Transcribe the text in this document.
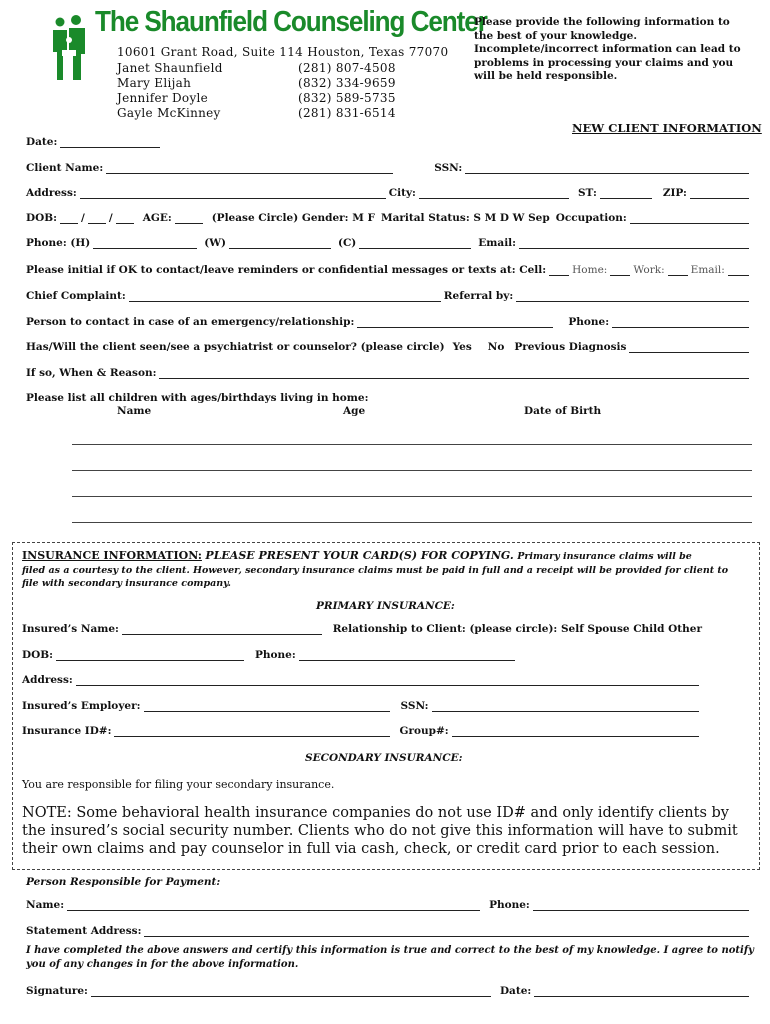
The Shaunfield Counseling Center
10601 Grant Road, Suite 114 Houston, Texas 77070
Janet Shaunfield	(281) 807-4508
Mary Elijah	(832) 334-9659
Jennifer Doyle	(832) 589-5735
Gayle McKinney	(281) 831-6514
Please provide the following information to
the best of your knowledge.
Incomplete/incorrect information can lead to
problems in processing your claims and you
will be held responsible.
NEW CLIENT INFORMATION
Date:
Client Name:	SSN:
Address:	City:	ST:	ZIP:
DOB: / /	AGE:	(Please Circle) Gender: M F Marital Status: S M D W Sep Occupation:
Phone: (H)	(W)	(C)	Email:
Please initial if OK to contact/leave reminders or confidential messages or texts at: Cell: Home: Work: Email:
Chief Complaint:	Referral by:
Person to contact in case of an emergency/relationship:	Phone:
Has/Will the client seen/see a psychiatrist or counselor? (please circle) Yes No Previous Diagnosis
If so, When & Reason:
Please list all children with ages/birthdays living in home:
Name	Age	Date of Birth
INSURANCE INFORMATION: PLEASE PRESENT YOUR CARD(S) FOR COPYING. Primary insurance claims will be
filed as a courtesy to the client. However, secondary insurance claims must be paid in full and a receipt will be provided for client to
file with secondary insurance company.
PRIMARY INSURANCE:
Insured’s Name:	Relationship to Client: (please circle): Self Spouse Child Other
DOB:	Phone:
Address:
Insured’s Employer:	SSN:
Insurance ID#:	Group#:
SECONDARY INSURANCE:
You are responsible for filing your secondary insurance.
NOTE: Some behavioral health insurance companies do not use ID# and only identify clients by the insured’s social security number. Clients who do not give this information will have to submit their own claims and pay counselor in full via cash, check, or credit card prior to each session.
Person Responsible for Payment:
Name:	Phone:
Statement Address:
I have completed the above answers and certify this information is true and correct to the best of my knowledge. I agree to notify you of any changes in for the above information.
Signature:	Date:
